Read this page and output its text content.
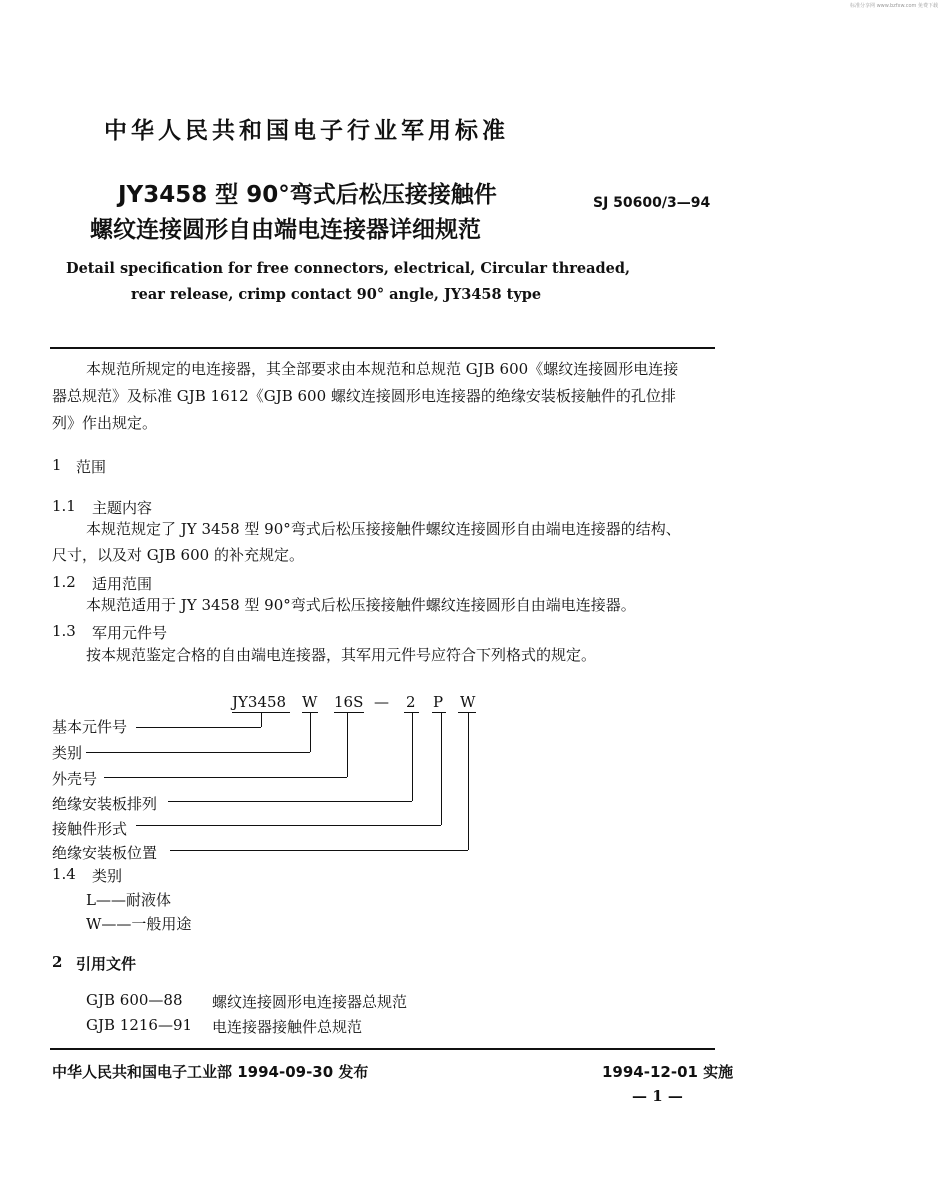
标准分享网 www.bzfxw.com 免费下载
中华人民共和国电子行业军用标准
JY3458 型 90°弯式后松压接接触件
螺纹连接圆形自由端电连接器详细规范
SJ 50600/3—94
Detail specification for free connectors, electrical, Circular threaded,
rear release, crimp contact 90° angle, JY3458 type
本规范所规定的电连接器，其全部要求由本规范和总规范 GJB 600《螺纹连接圆形电连接
器总规范》及标准 GJB 1612《GJB 600 螺纹连接圆形电连接器的绝缘安装板接触件的孔位排
列》作出规定。
1 范围
1.1 主题内容
本规范规定了 JY 3458 型 90°弯式后松压接接触件螺纹连接圆形自由端电连接器的结构、
尺寸，以及对 GJB 600 的补充规定。
1.2 适用范围
本规范适用于 JY 3458 型 90°弯式后松压接接触件螺纹连接圆形自由端电连接器。
1.3 军用元件号
按本规范鉴定合格的自由端电连接器，其军用元件号应符合下列格式的规定。
JY3458 W 16S — 2 P W
基本元件号
类别
外壳号
绝缘安装板排列
接触件形式
绝缘安装板位置
1.4 类别
L——耐液体
W——一般用途
2 引用文件
GJB 600—88 螺纹连接圆形电连接器总规范
GJB 1216—91 电连接器接触件总规范
中华人民共和国电子工业部 1994-09-30 发布	1994-12-01 实施
— 1 —
